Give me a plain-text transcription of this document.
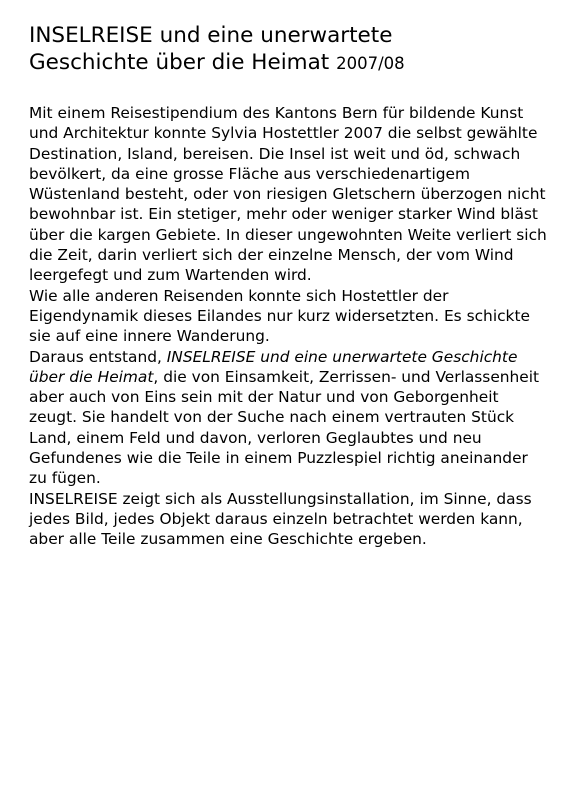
INSELREISE und eine unerwartete
Geschichte über die Heimat 2007/08

Mit einem Reisestipendium des Kantons Bern für bildende Kunst und Architektur konnte Sylvia Hostettler 2007 die selbst gewählte Destination, Island, bereisen. Die Insel ist weit und öd, schwach bevölkert, da eine grosse Fläche aus verschiedenartigem Wüstenland besteht, oder von riesigen Gletschern überzogen nicht bewohnbar ist. Ein stetiger, mehr oder weniger starker Wind bläst über die kargen Gebiete. In dieser ungewohnten Weite verliert sich die Zeit, darin verliert sich der einzelne Mensch, der vom Wind leergefegt und zum Wartenden wird.

Wie alle anderen Reisenden konnte sich Hostettler der Eigendynamik dieses Eilandes nur kurz widersetzten. Es schickte sie auf eine innere Wanderung.

Daraus entstand, INSELREISE und eine unerwartete Geschichte über die Heimat, die von Einsamkeit, Zerrissen- und Verlassenheit aber auch von Eins sein mit der Natur und von Geborgenheit zeugt. Sie handelt von der Suche nach einem vertrauten Stück Land, einem Feld und davon, verloren Geglaubtes und neu Gefundenes wie die Teile in einem Puzzlespiel richtig aneinander zu fügen.

INSELREISE zeigt sich als Ausstellungsinstallation, im Sinne, dass jedes Bild, jedes Objekt daraus einzeln betrachtet werden kann, aber alle Teile zusammen eine Geschichte ergeben.
